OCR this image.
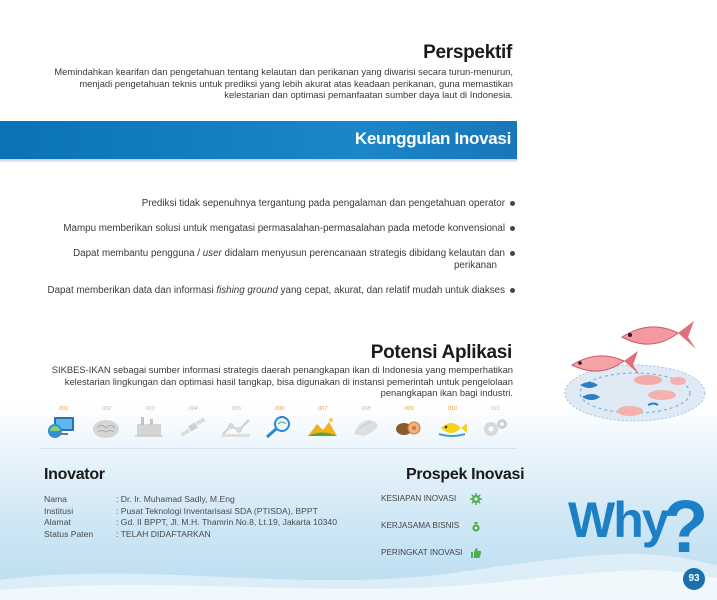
Perspektif
Memindahkan kearifan dan pengetahuan tentang kelautan dan perikanan yang diwarisi secara turun-menurun, menjadi pengetahuan teknis untuk prediksi yang lebih akurat atas keadaan perikanan, guna memastikan kelestarian dan optimasi pemanfaatan sumber daya laut di Indonesia.
Keunggulan Inovasi
Prediksi tidak sepenuhnya tergantung pada pengalaman dan pengetahuan operator
Mampu memberikan solusi untuk mengatasi permasalahan-permasalahan pada metode konvensional
Dapat membantu pengguna / user didalam menyusun perencanaan strategis dibidang kelautan dan
perikanan
Dapat memberikan data dan informasi fishing ground yang cepat, akurat, dan relatif mudah untuk diakses
Potensi Aplikasi
SIKBES-IKAN sebagai sumber informasi strategis daerah penangkapan ikan di Indonesia yang memperhatikan kelestarian lingkungan dan optimasi hasil tangkap, bisa digunakan di instansi pemerintah untuk pengelolaan penangkapan ikan bagi industri.
001	002	003	004	005	006	007	008	009	010	011
Inovator
Nama	: Dr. Ir. Muhamad Sadly, M.Eng
Institusi	: Pusat Teknologi Inventarisasi SDA (PTISDA), BPPT
Alamat	: Gd. II BPPT, Jl. M.H. Thamrin No.8, Lt.19, Jakarta 10340
Status Paten	: TELAH DIDAFTARKAN
Prospek Inovasi
KESIAPAN INOVASI
KERJASAMA BISNIS
PERINGKAT INOVASI
Why
?
93
